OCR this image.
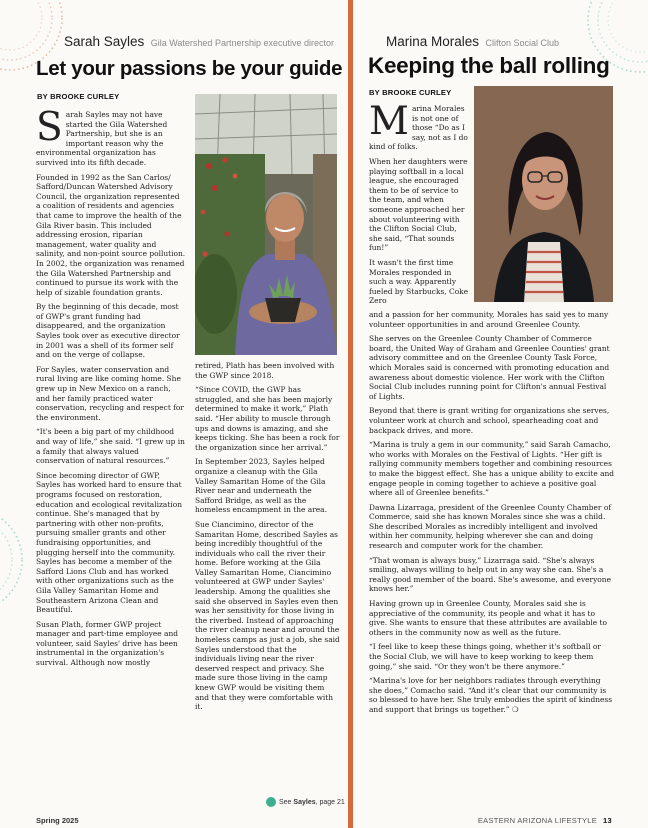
Sarah Sayles Gila Watershed Partnership executive director
Let your passions be your guide
BY BROOKE CURLEY

Sarah Sayles may not have started the Gila Watershed Partnership, but she is an important reason why the environmental organization has survived into its fifth decade.

Founded in 1992 as the San Carlos/ Safford/Duncan Watershed Advisory Council, the organization represented a coalition of residents and agencies that came to improve the health of the Gila River basin. This included addressing erosion, riparian management, water quality and salinity, and non-point source pollution. In 2002, the organization was renamed the Gila Watershed Partnership and continued to pursue its work with the help of sizable foundation grants.

By the beginning of this decade, most of GWP's grant funding had disappeared, and the organization Sayles took over as executive director in 2001 was a shell of its former self and on the verge of collapse.

For Sayles, water conservation and rural living are like coming home. She grew up in New Mexico on a ranch, and her family practiced water conservation, recycling and respect for the environment.

“It's been a big part of my childhood and way of life,” she said. “I grew up in a family that always valued conservation of natural resources.”

Since becoming director of GWP, Sayles has worked hard to ensure that programs focused on restoration, education and ecological revitalization continue. She's managed that by partnering with other non-profits, pursuing smaller grants and other fundraising opportunities, and plugging herself into the community. Sayles has become a member of the Safford Lions Club and has worked with other organizations such as the Gila Valley Samaritan Home and Southeastern Arizona Clean and Beautiful.

Susan Plath, former GWP project manager and part-time employee and volunteer, said Sayles' drive has been instrumental in the organization's survival. Although now mostly

retired, Plath has been involved with the GWP since 2018.

“Since COVID, the GWP has struggled, and she has been majorly determined to make it work,” Plath said. “Her ability to muscle through ups and downs is amazing, and she keeps ticking. She has been a rock for the organization since her arrival.”

In September 2023, Sayles helped organize a cleanup with the Gila Valley Samaritan Home of the Gila River near and underneath the Safford Bridge, as well as the homeless encampment in the area.

Sue Ciancimino, director of the Samaritan Home, described Sayles as being incredibly thoughtful of the individuals who call the river their home. Before working at the Gila Valley Samaritan Home, Ciancimino volunteered at GWP under Sayles' leadership. Among the qualities she said she observed in Sayles even then was her sensitivity for those living in the riverbed. Instead of approaching the river cleanup near and around the homeless camps as just a job, she said Sayles understood that the individuals living near the river deserved respect and privacy. She made sure those living in the camp knew GWP would be visiting them and that they were comfortable with it.

See Sayles, page 21
Marina Morales Clifton Social Club
Keeping the ball rolling
BY BROOKE CURLEY

Marina Morales is not one of those “Do as I say, not as I do kind of folks.

When her daughters were playing softball in a local league, she encouraged them to be of service to the team, and when someone approached her about volunteering with the Clifton Social Club, she said, “That sounds fun!”

It wasn't the first time Morales responded in such a way. Apparently fueled by Starbucks, Coke Zero

and a passion for her community, Morales has said yes to many volunteer opportunities in and around Greenlee County.

She serves on the Greenlee County Chamber of Commerce board, the United Way of Graham and Greenlee Counties' grant advisory committee and on the Greenlee County Task Force, which Morales said is concerned with promoting education and awareness about domestic violence. Her work with the Clifton Social Club includes running point for Clifton's annual Festival of Lights.

Beyond that there is grant writing for organizations she serves, volunteer work at church and school, spearheading coat and backpack drives, and more.

“Marina is truly a gem in our community,” said Sarah Camacho, who works with Morales on the Festival of Lights. “Her gift is rallying community members together and combining resources to make the biggest effect. She has a unique ability to excite and engage people in coming together to achieve a positive goal where all of Greenlee benefits.”

Dawna Lizarraga, president of the Greenlee County Chamber of Commerce, said she has known Morales since she was a child. She described Morales as incredibly intelligent and involved within her community, helping wherever she can and doing research and computer work for the chamber.

“That woman is always busy,” Lizarraga said. “She's always smiling, always willing to help out in any way she can. She's a really good member of the board. She's awesome, and everyone knows her.”

Having grown up in Greenlee County, Morales said she is appreciative of the community, its people and what it has to give. She wants to ensure that these attributes are available to others in the community now as well as the future.

“I feel like to keep these things going, whether it's softball or the Social Club, we will have to keep working to keep them going,” she said. “Or they won't be there anymore.”

“Marina's love for her neighbors radiates through everything she does,” Comacho said. “And it's clear that our community is so blessed to have her. She truly embodies the spirit of kindness and support that brings us together.” ❍

Spring 2025	EASTERN ARIZONA LIFESTYLE 13
